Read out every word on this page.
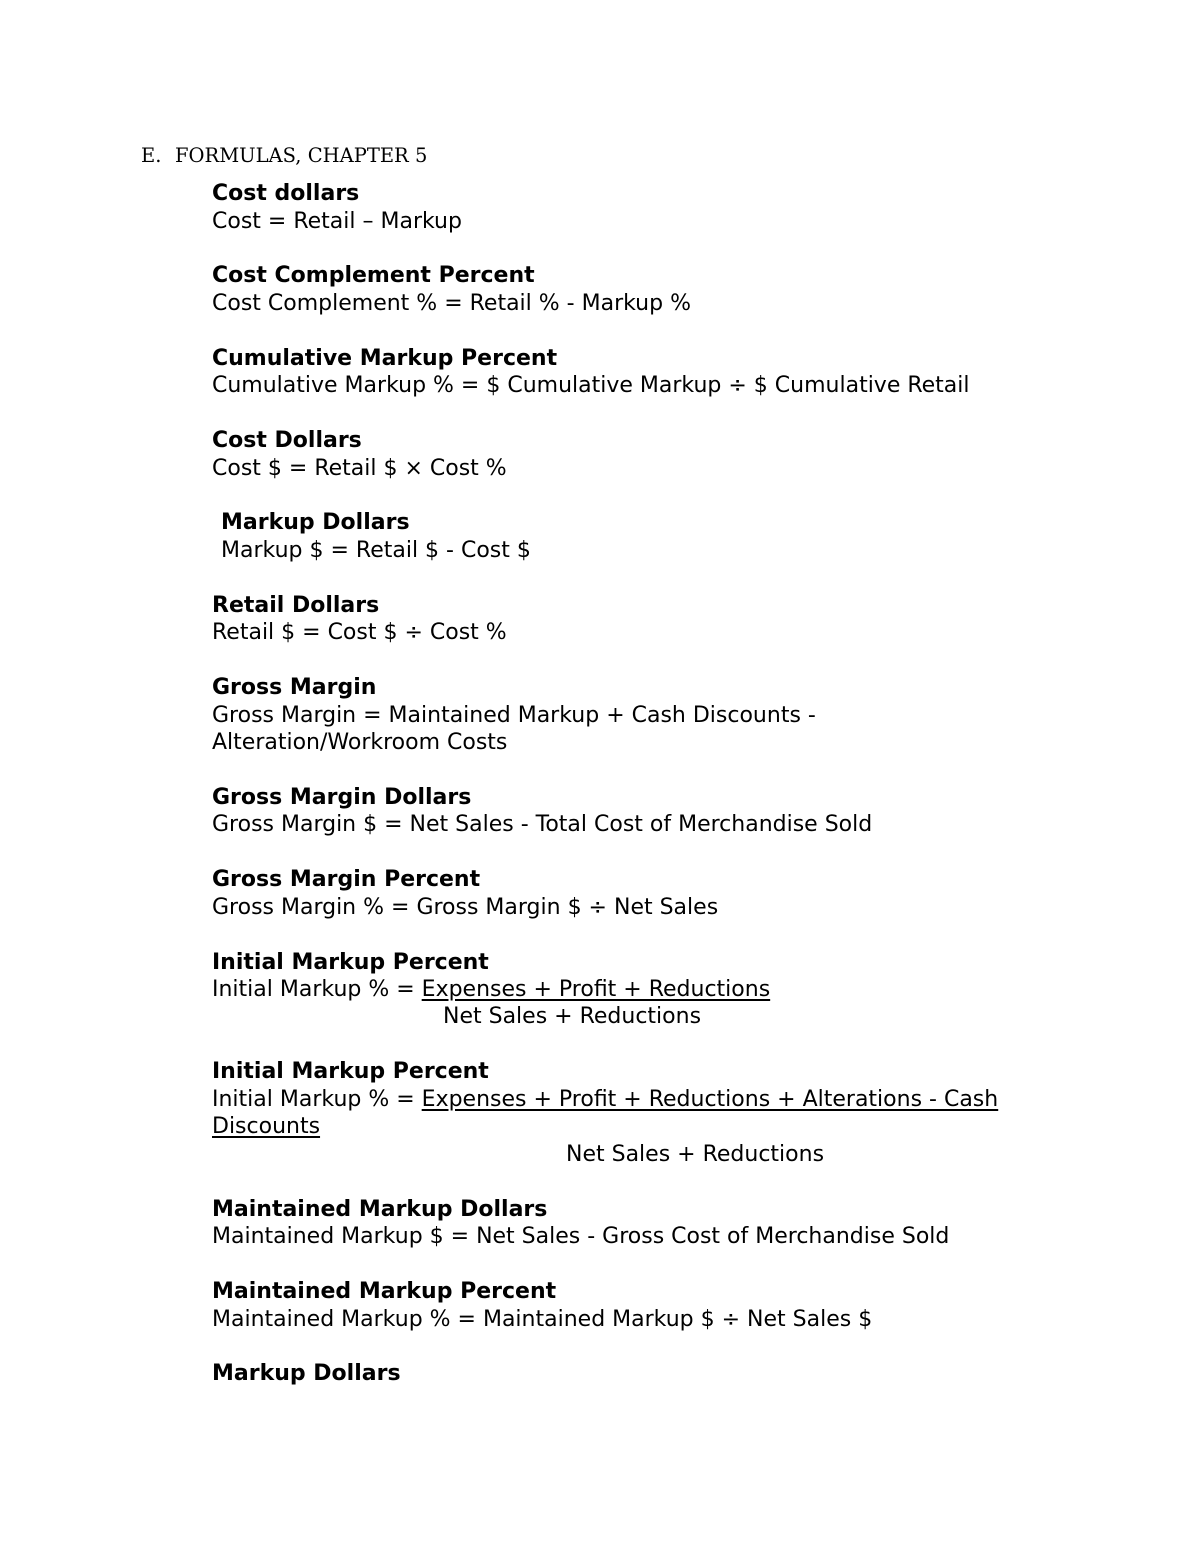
E. FORMULAS, CHAPTER 5
Cost dollars
Cost = Retail – Markup
Cost Complement Percent
Cost Complement % = Retail % - Markup %
Cumulative Markup Percent
Cumulative Markup % = $ Cumulative Markup ÷ $ Cumulative Retail
Cost Dollars
Cost $ = Retail $ × Cost %
Markup Dollars
Markup $ = Retail $ - Cost $
Retail Dollars
Retail $ = Cost $ ÷ Cost %
Gross Margin
Gross Margin = Maintained Markup + Cash Discounts -
Alteration/Workroom Costs
Gross Margin Dollars
Gross Margin $ = Net Sales - Total Cost of Merchandise Sold
Gross Margin Percent
Gross Margin % = Gross Margin $ ÷ Net Sales
Initial Markup Percent
Initial Markup % = Expenses + Profit + Reductions
Net Sales + Reductions
Initial Markup Percent
Initial Markup % = Expenses + Profit + Reductions + Alterations - Cash
Discounts
Net Sales + Reductions
Maintained Markup Dollars
Maintained Markup $ = Net Sales - Gross Cost of Merchandise Sold
Maintained Markup Percent
Maintained Markup % = Maintained Markup $ ÷ Net Sales $
Markup Dollars
